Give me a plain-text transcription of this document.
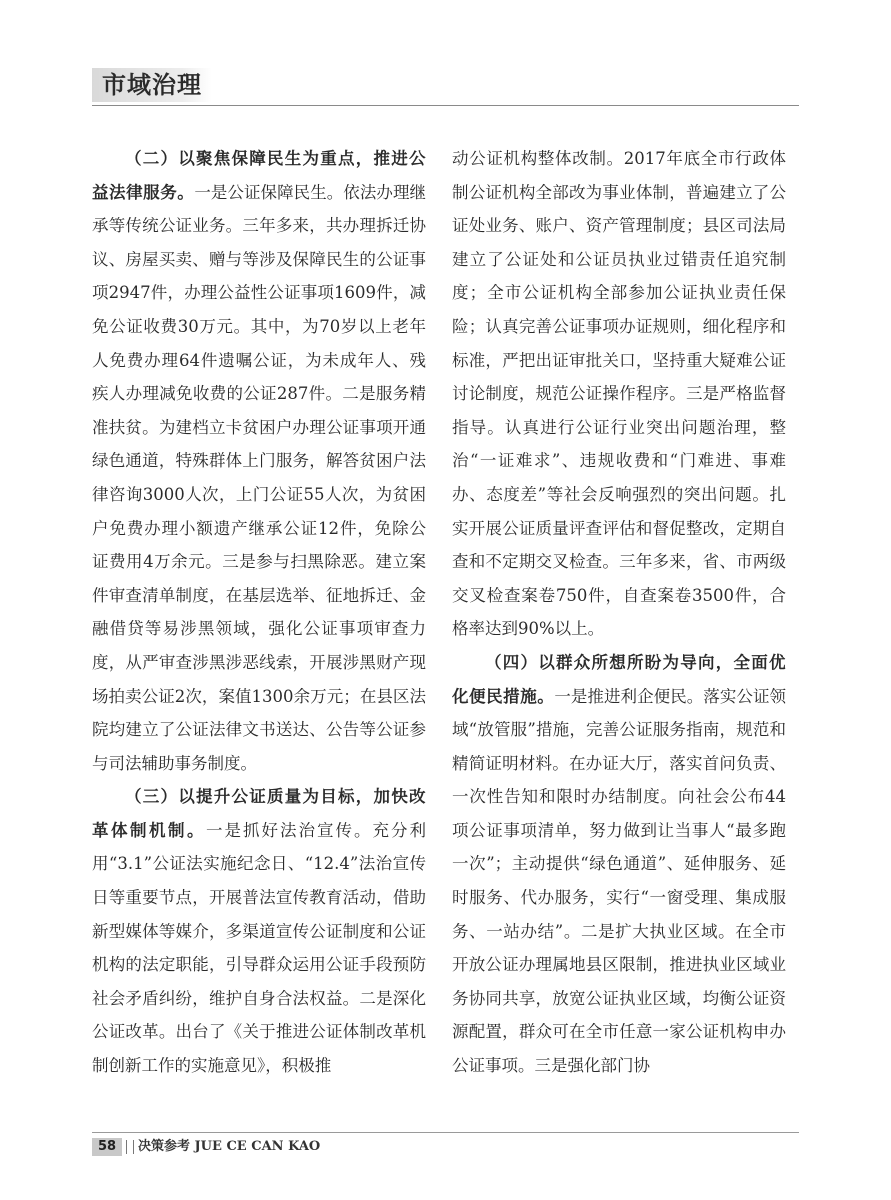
市域治理

（二）以聚焦保障民生为重点，推进公益法律服务。一是公证保障民生。依法办理继承等传统公证业务。三年多来，共办理拆迁协议、房屋买卖、赠与等涉及保障民生的公证事项2947件，办理公益性公证事项1609件，减免公证收费30万元。其中，为70岁以上老年人免费办理64件遗嘱公证，为未成年人、残疾人办理减免收费的公证287件。二是服务精准扶贫。为建档立卡贫困户办理公证事项开通绿色通道，特殊群体上门服务，解答贫困户法律咨询3000人次，上门公证55人次，为贫困户免费办理小额遗产继承公证12件，免除公证费用4万余元。三是参与扫黑除恶。建立案件审查清单制度，在基层选举、征地拆迁、金融借贷等易涉黑领域，强化公证事项审查力度，从严审查涉黑涉恶线索，开展涉黑财产现场拍卖公证2次，案值1300余万元；在县区法院均建立了公证法律文书送达、公告等公证参与司法辅助事务制度。

（三）以提升公证质量为目标，加快改革体制机制。一是抓好法治宣传。充分利用“3.1”公证法实施纪念日、“12.4”法治宣传日等重要节点，开展普法宣传教育活动，借助新型媒体等媒介，多渠道宣传公证制度和公证机构的法定职能，引导群众运用公证手段预防社会矛盾纠纷，维护自身合法权益。二是深化公证改革。出台了《关于推进公证体制改革机制创新工作的实施意见》，积极推

动公证机构整体改制。2017年底全市行政体制公证机构全部改为事业体制，普遍建立了公证处业务、账户、资产管理制度；县区司法局建立了公证处和公证员执业过错责任追究制度；全市公证机构全部参加公证执业责任保险；认真完善公证事项办证规则，细化程序和标准，严把出证审批关口，坚持重大疑难公证讨论制度，规范公证操作程序。三是严格监督指导。认真进行公证行业突出问题治理，整治“一证难求”、违规收费和“门难进、事难办、态度差”等社会反响强烈的突出问题。扎实开展公证质量评查评估和督促整改，定期自查和不定期交叉检查。三年多来，省、市两级交叉检查案卷750件，自查案卷3500件，合格率达到90%以上。

（四）以群众所想所盼为导向，全面优化便民措施。一是推进利企便民。落实公证领域“放管服”措施，完善公证服务指南，规范和精简证明材料。在办证大厅，落实首问负责、一次性告知和限时办结制度。向社会公布44项公证事项清单，努力做到让当事人“最多跑一次”；主动提供“绿色通道”、延伸服务、延时服务、代办服务，实行“一窗受理、集成服务、一站办结”。二是扩大执业区域。在全市开放公证办理属地县区限制，推进执业区域业务协同共享，放宽公证执业区域，均衡公证资源配置，群众可在全市任意一家公证机构申办公证事项。三是强化部门协

58	决策参考 JUE CE CAN KAO
